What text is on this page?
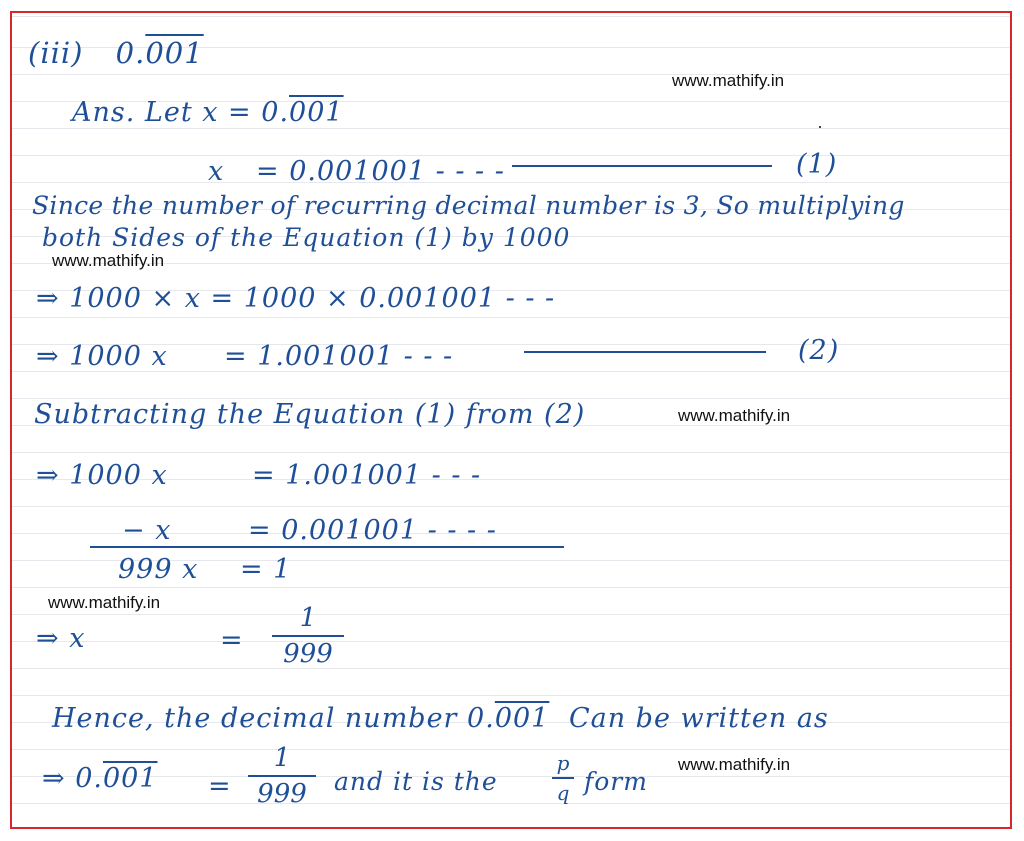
(iii) 0.001
www.mathify.in
Ans. Let x = 0.001
x = 0.001001 - - - -	(1)
Since the number of recurring decimal number is 3, So multiplying
both Sides of the Equation (1) by 1000
www.mathify.in
⇒ 1000 × x = 1000 × 0.001001 - - -
⇒ 1000 x = 1.001001 - - -	(2)
Subtracting the Equation (1) from (2)	www.mathify.in
⇒ 1000 x	= 1.001001 - - -
− x	= 0.001001 - - - -
999 x = 1
www.mathify.in
⇒ x	=
1
999
Hence, the decimal number 0.001 Can be written as
⇒ 0.001 =
1
999 and it is the
p
q form
www.mathify.in
